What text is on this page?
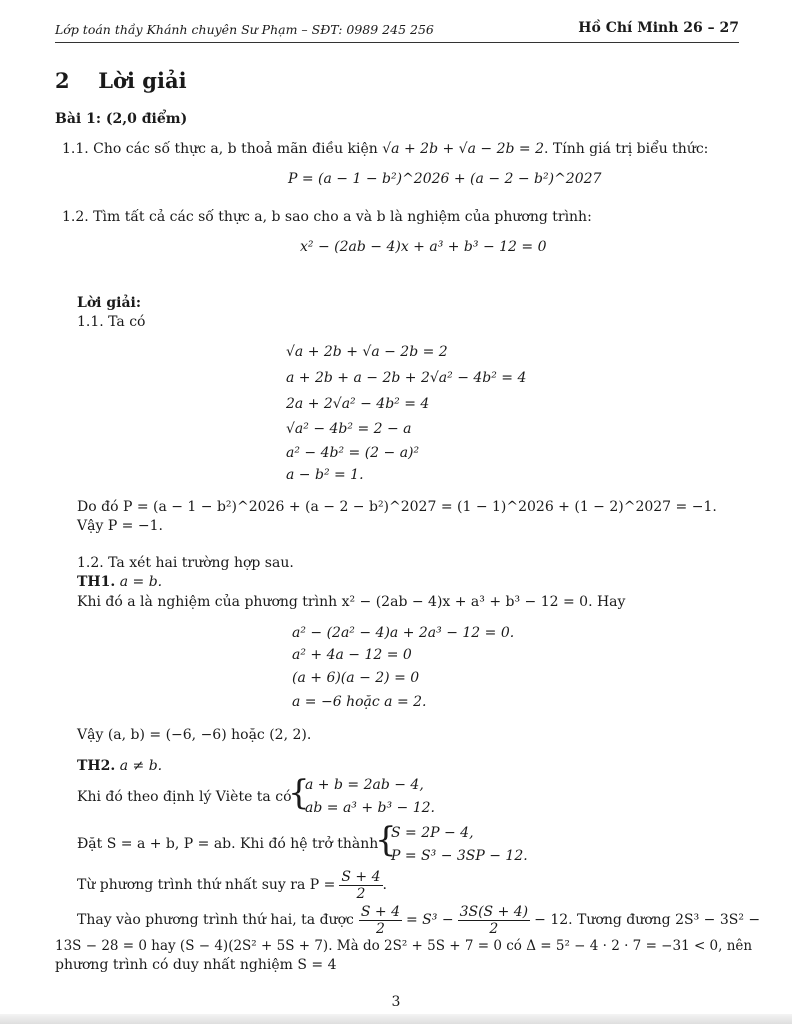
Lớp toán thầy Khánh chuyên Sư Phạm – SĐT: 0989 245 256	Hồ Chí Minh 26 – 27
2 Lời giải
Bài 1: (2,0 điểm)
1.1. Cho các số thực a, b thoả mãn điều kiện √a + 2b + √a − 2b = 2. Tính giá trị biểu thức:
P = (a − 1 − b²)^2026 + (a − 2 − b²)^2027
1.2. Tìm tất cả các số thực a, b sao cho a và b là nghiệm của phương trình:
x² − (2ab − 4)x + a³ + b³ − 12 = 0
Lời giải:
1.1. Ta có
√a + 2b + √a − 2b = 2
a + 2b + a − 2b + 2√a² − 4b² = 4
2a + 2√a² − 4b² = 4
√a² − 4b² = 2 − a
a² − 4b² = (2 − a)²
a − b² = 1.
Do đó P = (a − 1 − b²)^2026 + (a − 2 − b²)^2027 = (1 − 1)^2026 + (1 − 2)^2027 = −1.
Vậy P = −1.
1.2. Ta xét hai trường hợp sau.
TH1. a = b.
Khi đó a là nghiệm của phương trình x² − (2ab − 4)x + a³ + b³ − 12 = 0. Hay
a² − (2a² − 4)a + 2a³ − 12 = 0.
a² + 4a − 12 = 0
(a + 6)(a − 2) = 0
a = −6 hoặc a = 2.
Vậy (a, b) = (−6, −6) hoặc (2, 2).
TH2. a ≠ b.
Khi đó theo định lý Viète ta có
{
a + b = 2ab − 4,
ab = a³ + b³ − 12.
Đặt S = a + b, P = ab. Khi đó hệ trở thành
{
S = 2P − 4,
P = S³ − 3SP − 12.
Từ phương trình thứ nhất suy ra $P = \frac{S + 4}{2}$ .
Thay vào phương trình thứ hai, ta được $\frac{S + 4}{2} = S^3 - \frac{3S(S + 4)}{2} - 12$. Tương đương 2S³ − 3S² −
13S − 28 = 0 hay (S − 4)(2S² + 5S + 7). Mà do 2S² + 5S + 7 = 0 có Δ = 5² − 4 · 2 · 7 = −31 < 0, nên
phương trình có duy nhất nghiệm S = 4
3
